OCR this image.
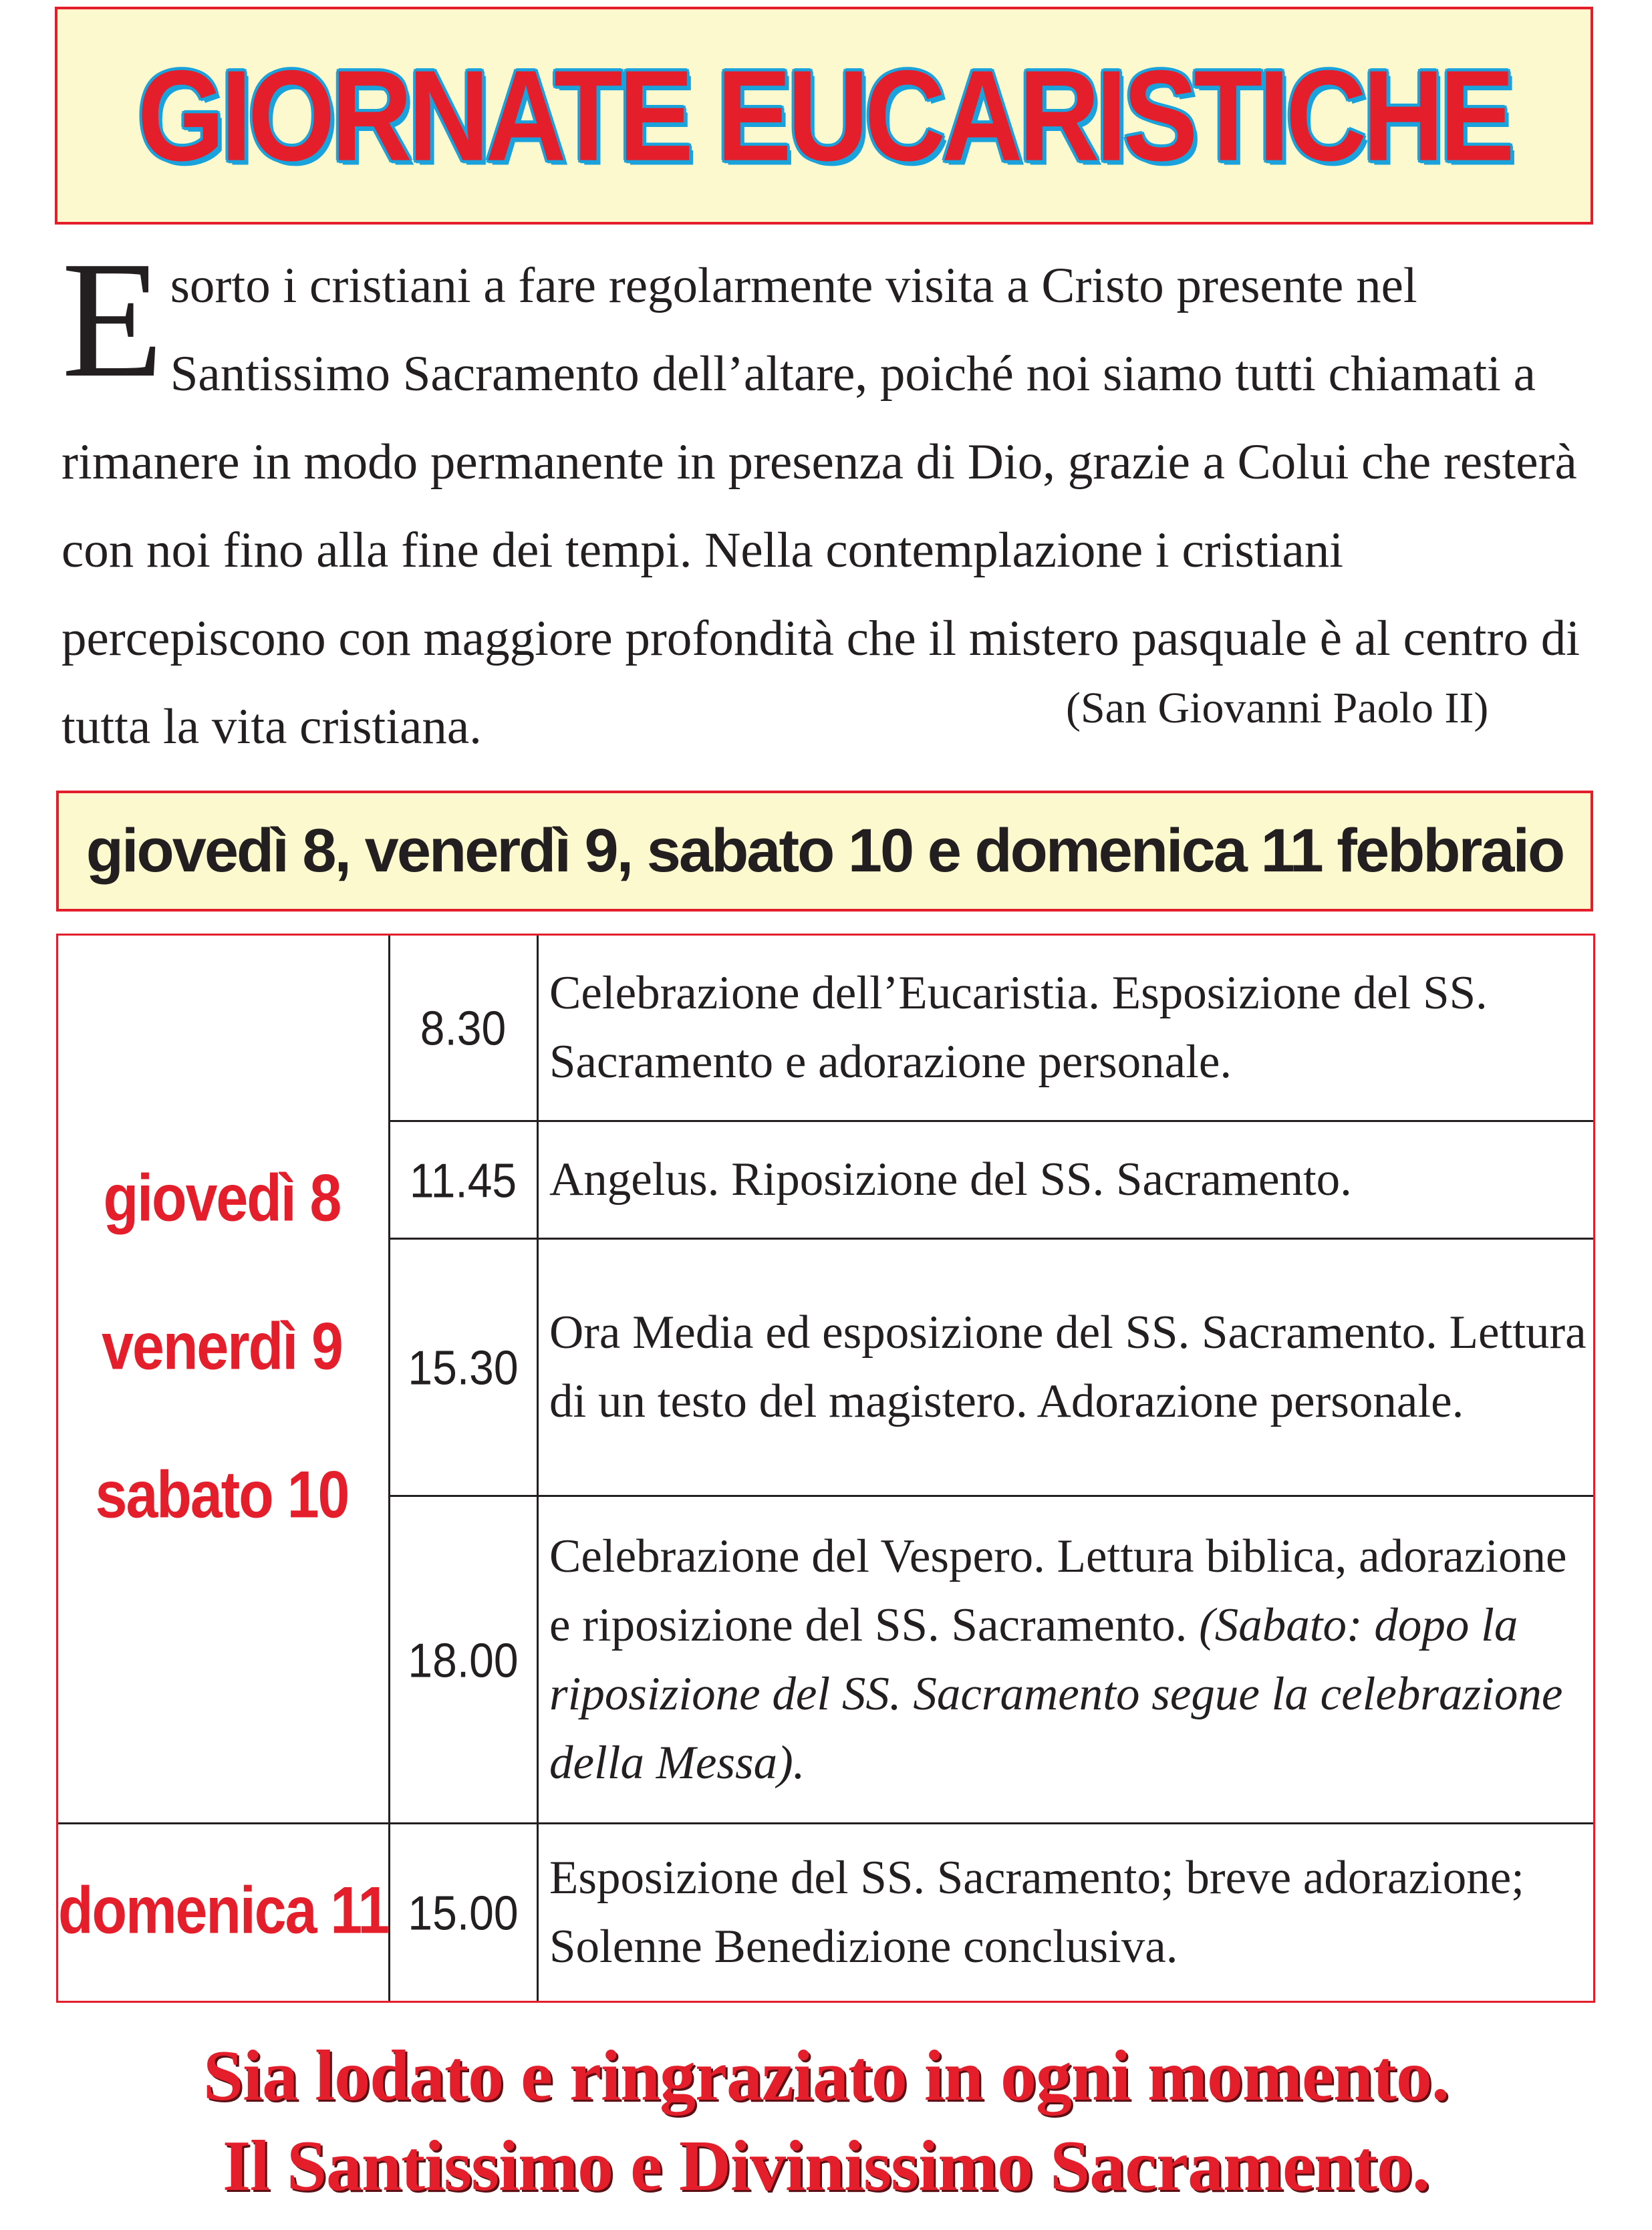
GIORNATE EUCARISTICHE
Esorto i cristiani a fare regolarmente visita a Cristo presente nel Santissimo Sacramento dell’altare, poiché noi siamo tutti chiamati a rimanere in modo permanente in presenza di Dio, grazie a Colui che resterà con noi fino alla fine dei tempi. Nella contemplazione i cristiani percepiscono con maggiore profondità che il mistero pasquale è al centro di tutta la vita cristiana.	(San Giovanni Paolo II)
giovedì 8, venerdì 9, sabato 10 e domenica 11 febbraio
giovedì 8
venerdì 9
sabato 10
domenica 11
8.30
Celebrazione dell’Eucaristia. Esposizione del SS. Sacramento e adorazione personale.
11.45 Angelus. Riposizione del SS. Sacramento.
15.30
Ora Media ed esposizione del SS. Sacramento. Lettura di un testo del magistero. Adorazione personale.
18.00
Celebrazione del Vespero. Lettura biblica, adorazione e riposizione del SS. Sacramento. (Sabato: dopo la riposizione del SS. Sacramento segue la celebrazione della Messa).
15.00
Esposizione del SS. Sacramento; breve adorazione; Solenne Benedizione conclusiva.
Sia lodato e ringraziato in ogni momento.
Il Santissimo e Divinissimo Sacramento.
